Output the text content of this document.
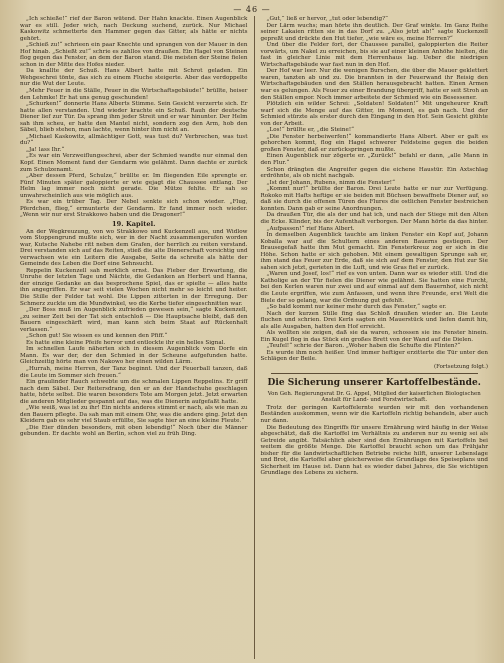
— 46 —

„Ich schieße!“ rief der Baron wütend. Der Hahn knackte. Einen Augenblick war es still. Jeder wich, nach Deckung suchend, zurück. Nur Michael Kaskowitz schmetterte den Hammer gegen das Gitter, als hätte er nichts gehört.

„Schieß zu!“ schrieen ein paar Knechte und sprangen von der Mauer in den Hof hinab. „Schießt zu!“ schrie es zahllos von draußen. Ein Hagel von Steinen flog gegen das Fenster, an dem der Baron stand. Die meisten der Steine fielen schon in der Mitte des Hofes nieder.

Da knallte der Schuß. Hans Albert hatte mit Schrot geladen. Ein Wehgeschrei tönte, das sich zu einem Fluche steigerte. Aber das verdoppelte nur die Wut der Leute.

„Mehr Feuer in die Ställe, Feuer in die Wirtschaftsgebäude!“ brüllte, heiser den Lehmke! Er hat uns genug geschunden!

„Schurken!“ donnerte Hans Alberts Stimme. Sein Gesicht verzerrte sich. Er hatte allen verstanden. Und wieder krachte ein Schuß. Rauh der deutsche Diener lief zur Tür. Da sprang ihm jeder Streit und er war hinunter. Der Helm sah ihm scheu, er hatte den Mantel nicht, sondern zog den Arm, hob den Säbel, blieb stehen, man lachte, wenn hinter ihm nicht an.

„Michael Kaskowitz, allmächtiger Gott, was tust du? Verbrechen, was tust du?“

„Ja! lass Ihr.“

„Es war ein Verzweiflungsschrei, aber der Schmied wandte nur einmal den Kopf. Einen Moment fand der Gendarm wie gelähmt. Dann dachte er zurück zum Schulzenamt.

„Aber dessen Pferd, Schulze,“ brüllte er. Im fliegenden Eile sprengte er. Fünf Minuten später galoppierte er wie gejagt die Chaussee entlang. Der Helm lag immer noch nicht gerade. Die Mütze fehlte. Er sah so unwahrscheinlich aus wie möglich aus.

Es war ein trüber Tag. Der Nebel senkte sich schon wieder. „Flug, Pferdchen, flieg,“ ermunterte der Gendarm. Er fand immer noch wieder. „Wenn wir nur erst Strakkowo haben und die Dragoner!“

19. Kapitel.

An der Wegkreuzung, von wo Strakkowo und Kuckenzell aus, und Widlow vom Stoppengrund mußte sich, wer in der Nacht zusammengerufen worden war, Kutsche Nahebe ritt neben dem Grafen, der herrlich zu reiten verstand. Drei verstanden sich auf das Reiten, stieß die alte Dienerschaft vorsichtig und verwachsen wie ein Leitern die Ausgabe, Seite da schreite als hätte der Gemeinde des Leben die Dorf eine Sehnsucht.

Reppelin Kuckenzell sah merklich ernst. Das Fieber der Erwartung, die Unruhe der letzten Tage und Nächte, die Gedanken an Herbert und Hanna, der einzige Gedanke an das besprochene Spiel, das er spielte — alles hatte ihn angegriffen. Er war seit vielen Wochen nicht mehr so leicht und heiter. Die Stille der Felder tat wohl. Die Lippen zitterten in der Erregung. Der Schmerz zuckte um die Mundwinkel, wo die Kerbe tiefer eingeschnitten war.

„Der Boss muß im Augenblick zufrieden gewesen sein,“ sagte Kuckenzell, „zu seiner Zeit bei der Tat sich entschloß — Die Hauptsache bleibt, daß den Bauern eingeschärft wird, man kann sich beim Staat auf Rückenhalt verlassen.“

„Schon gut! Sie wissen es und kennen den Pfiff.“

Es hatte eine kleine Pfeife hervor und entlockte ihr ein helles Signal.

Im schnellen Laufe näherten sich in diesem Augenblick vom Dorfe ein Mann. Es war der, der den Schmied in der Scheune aufgefunden hatte. Gleichzeitig hörte man von Nakowo her einen wilden Lärm.

„Hurrah, meine Herren, der Tanz beginnt. Und der Feuerball tanzen, daß die Leute im Sommer sich freuen.“

Ein graulinder Rauch schwebte um die schmalen Lippen Reppelins. Er griff nach dem Säbel. Der Reitersdrang, den er an der Handschuhe geschlagen hatte, hörte selbst. Die waren besonders Tote am Morgen jetzt. Jetzt erwarten die anderen Mitglieder gespannt auf das, was die Dienerin aufgefaßt hatte.

„Wie weiß, was ist zu ihr! Ein nichts anderes stimmt er nach, als wie man zu den Bauern pflegte. Da sah man mit einem Ohr, was die andere ging. Jetzt den Kleidern gab es sehr viel Staub erfüllte, Sie sagte hier an eine kleine Fleute.“

„Die Eier dünden besonders, mit oben lebendig!“ Noch über die Männer gebunden. Er dachte wohl an Berlin, schon viel zu früh Ding.

„Gut,“ ließ er hervor, „tut oder lebendig?“

Der Lärm wuchs; man hörte ihn deutlich. Der Graf winkte. Im Ganz Reihe seiner Lakaien ritten sie in das Dorf zu. „Also jetzt ab!“ sagte Kuckenzell gepreßt und drückte den Hut tiefer, „wie wäre es, meine Herren?“

Und über die Felder fort, der Chaussee parallel, galoppierten die Reiter vorwärts, um Nakel zu erreichen, bis sie auf einer kleinen Anhöhe hielten, die fast in gleicher Linie mit dem Herrenhaus lag. Ueber die niedrigen Wirtschaftsgebäude war fast nun in den Hof.

Der Hof war leer. Nur die wenigen Burschen, die über die Mauer geklettert waren, tanzten ab und zu. Die brannten in der Feuerwand ihr Reisig den Wirtschaftsgebäuden und den Ställen herausgebracht hatten. Einen Armen war es gelungen. Als Feuer zu einer Brandung übergriff, hatte er seit Stroh an den Ställen empor. Noch immer arbeitete der Schmied wie ein Besessener.

Plötzlich ein wilder Schrei: „Soldaten! Soldaten!“ Mit ungeheurer Kraft warf sich die Menge auf das Gitter, im Moment, es gab nach. Und der Schmied stürzte als erster durch den Eingang in den Hof. Sein Gesicht glühte von der Arbeit.

„Los!“ brüllte er, „die Steine!“

„Die Fenster herbeiwerfen!“ kommandierte Hans Albert. Aber er galt es gehorchen kommt, flog ein Hagel schwerer Feldsteine gegen die beiden großen Fenster, daß er zurückspringen mußte.

Einen Augenblick nur zögerte er. „Zurück!“ befahl er dann, „alle Mann in den Flur.“

Schon drängten die Angreifer gegen die eichene Haustür. Ein Axtschlag erdröhnte, als ob nicht nachgab.

„Ist der Johann, Rubens, nimm die Fenster!“

„Kommt nur!“ brüllte der Baron. Drei Leute hatte er nur zur Verfügung. Rokoko mit Hafts heftige er sie beiden mit Büchsen bewaffnete Diener auf, so daß sie durch die offenen Türen des Flures die ostlichen Fenster bestreichen konnten. Dann gab er seine Anordnungen.

Da draußen Tür, die als der und hat ich, und nach der Stiege mit den Alten die Ecke. Klinder, bis der Aufenthalt verborgen. Der Mann hörte da das hinter.

„Aufpassen!“ rief Hans Albert.

In demselben Augenblick tauchte am linken Fenster ein Kopf auf, Johann Koballa war auf die Schultern eines anderen Bauerns gestiegen. Der Brausegefaß hatte ihm Mut gemacht. Ein Fensterkreuz zog er sich in die Höhe. Schon hatte er sich gehoben. Mit einem gewaltigen Sprunge sah er, ihm stand das Feuer zur Erde, daß sie sich auf dem Fenster, den Hut zur Sie sahen sich jetzt, gerieten in die Luft, und wie Gras fiel er zurück.

„Waren und Josef, los!“ rief es von unten. Dann war es wieder still. Und die Katholige an der Tür fielen die Diener wie gelähmt. Sie hatten eine Furcht, bei den Kerlen waren nur zwei und auf einmal auf dem Bauernhof, sich nicht die Leute ergriffen, wie zum Anfassen, und wenn ihre Freunde, erst Welt die Biele der so gelang, war die Ordnung gut gefehlt.

„So bald kommt nur keiner mehr durch das Fenster,“ sagte er.

Nach der kurzen Stille fing das Schloß draußen wieder an. Die Leute fluchen und schrien. Drei Kerls sagten ein Mauerstück und liefen damit hin, als alle Ausgaben, hatten den Hof erreicht.

Als wollten sie zeigen, daß sie da waren, schossen sie ins Fenster hinein. Ein Kugel flog in das Stück ein großes Brett von der Wand auf die Dielen.

„Teufel!“ schrie der Baron. „Woher haben die Schufte die Flinten?“

Es wurde ihm noch heißer. Und immer heftiger erzitterte die Tür unter den Schlägen der Beile.

(Fortsetzung folgt.)

Die Sicherung unserer Kartoffelbestände.

Von Geh. Regierungsrat Dr. G. Appel, Mitglied der kaiserlichen Biologischen Anstalt für Land- und Forstwirtschaft.

Trotz der geringen Kartoffelernte wurden wir mit den vorhandenen Beständen auskommen, wenn wir die Kartoffeln richtig behandeln, aber auch nur dann.

Die Bedeutung des Eingriffs für unsere Ernährung wird häufig in der Weise abgeschätzt, daß die Kartoffel im Verhältnis zu anderen nur zu wenig sei als Getreide angibt. Tatsächlich aber sind den Ernährungen mit Kartoffeln bei weitem die größte Menge. Die Kartoffel braucht schon um das Frühjahr bisher für die landwirtschaftlichen Betriebe reiche hilft, unserer Lebenslage und Brot, die Kartoffel aber gleicherweise die Grundlage des Speiseplans und Sicherheit im Hause ist. Dann hat es wieder dabei Jahres, die Sie wichtigen Grundlage des Lebens zu sichern.
